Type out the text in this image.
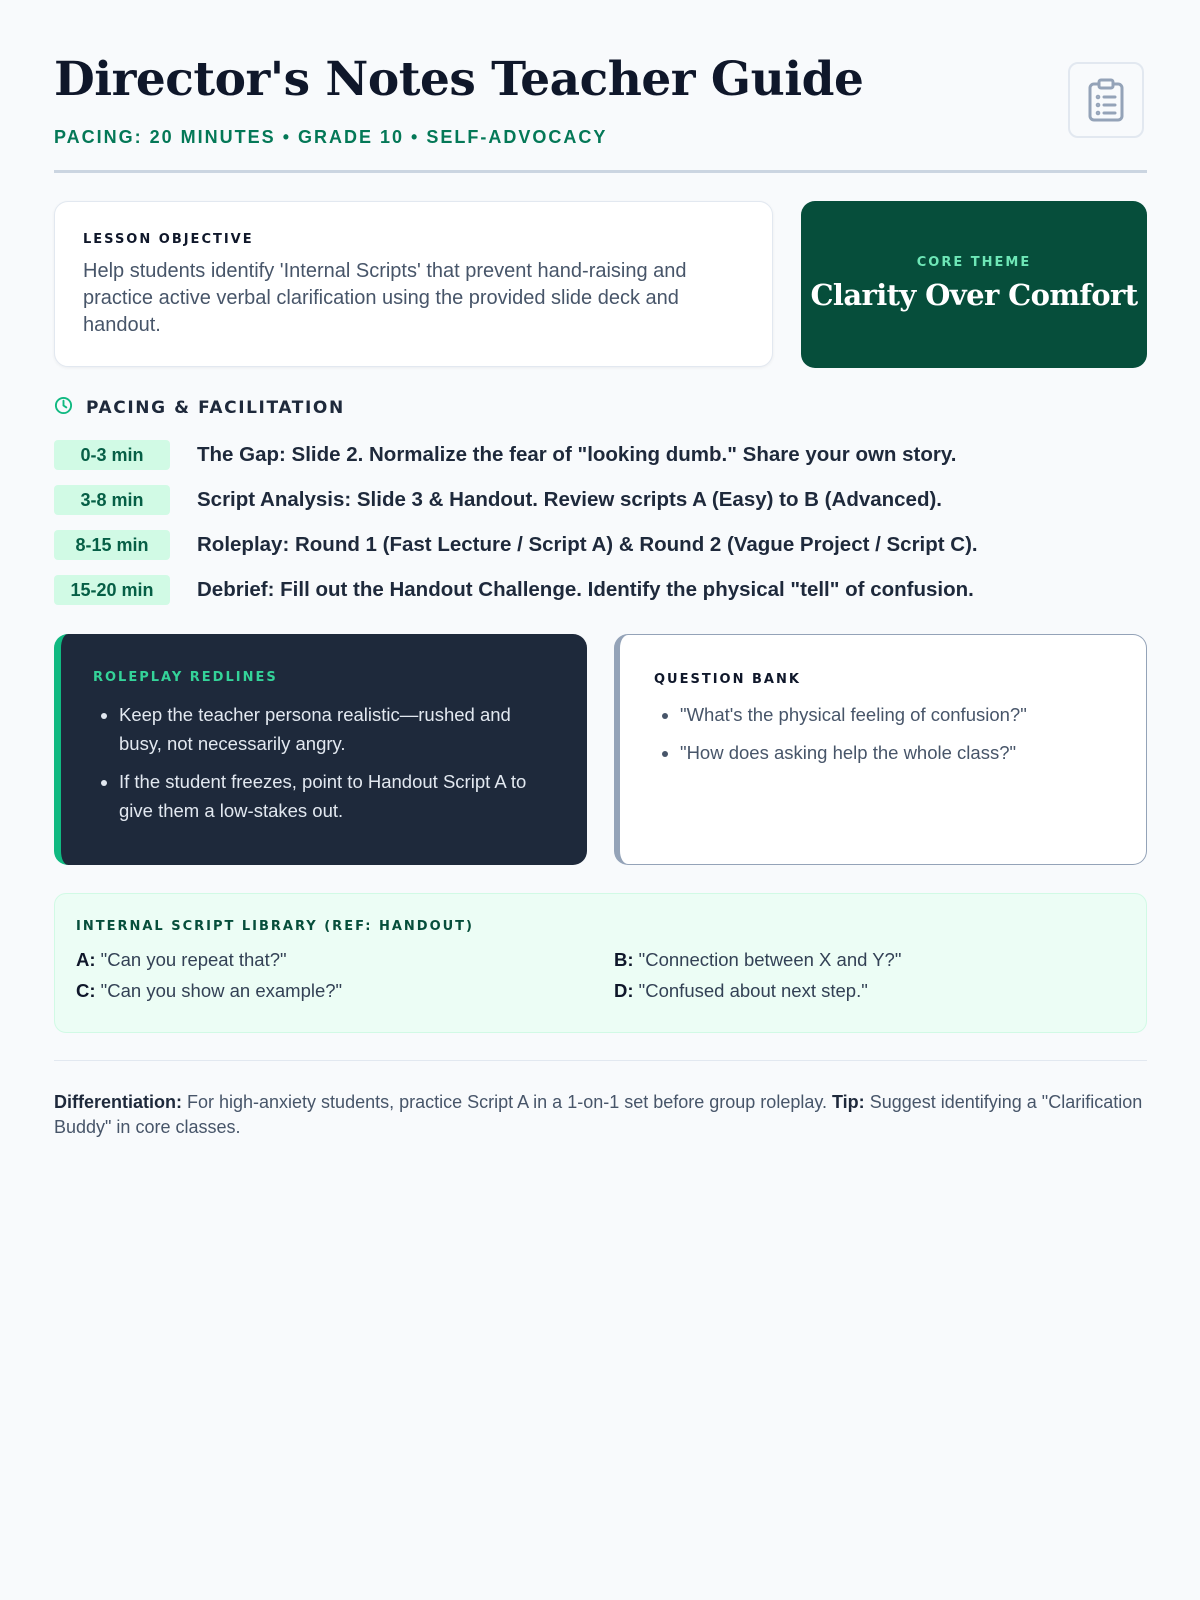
Director's Notes Teacher Guide
PACING: 20 MINUTES • GRADE 10 • SELF-ADVOCACY
LESSON OBJECTIVE
Help students identify 'Internal Scripts' that prevent hand-raising and practice active verbal clarification using the provided slide deck and handout.
CORE THEME
Clarity Over Comfort
PACING & FACILITATION
0-3 min	The Gap: Slide 2. Normalize the fear of "looking dumb." Share your own story.
3-8 min	Script Analysis: Slide 3 & Handout. Review scripts A (Easy) to B (Advanced).
8-15 min	Roleplay: Round 1 (Fast Lecture / Script A) & Round 2 (Vague Project / Script C).
15-20 min	Debrief: Fill out the Handout Challenge. Identify the physical "tell" of confusion.
ROLEPLAY REDLINES
• Keep the teacher persona realistic—rushed and busy, not necessarily angry.
• If the student freezes, point to Handout Script A to give them a low-stakes out.
QUESTION BANK
• "What's the physical feeling of confusion?"
• "How does asking help the whole class?"
INTERNAL SCRIPT LIBRARY (REF: HANDOUT)
A: "Can you repeat that?"	B: "Connection between X and Y?"
C: "Can you show an example?"	D: "Confused about next step."
Differentiation: For high-anxiety students, practice Script A in a 1-on-1 set before group roleplay. Tip: Suggest identifying a "Clarification Buddy" in core classes.
